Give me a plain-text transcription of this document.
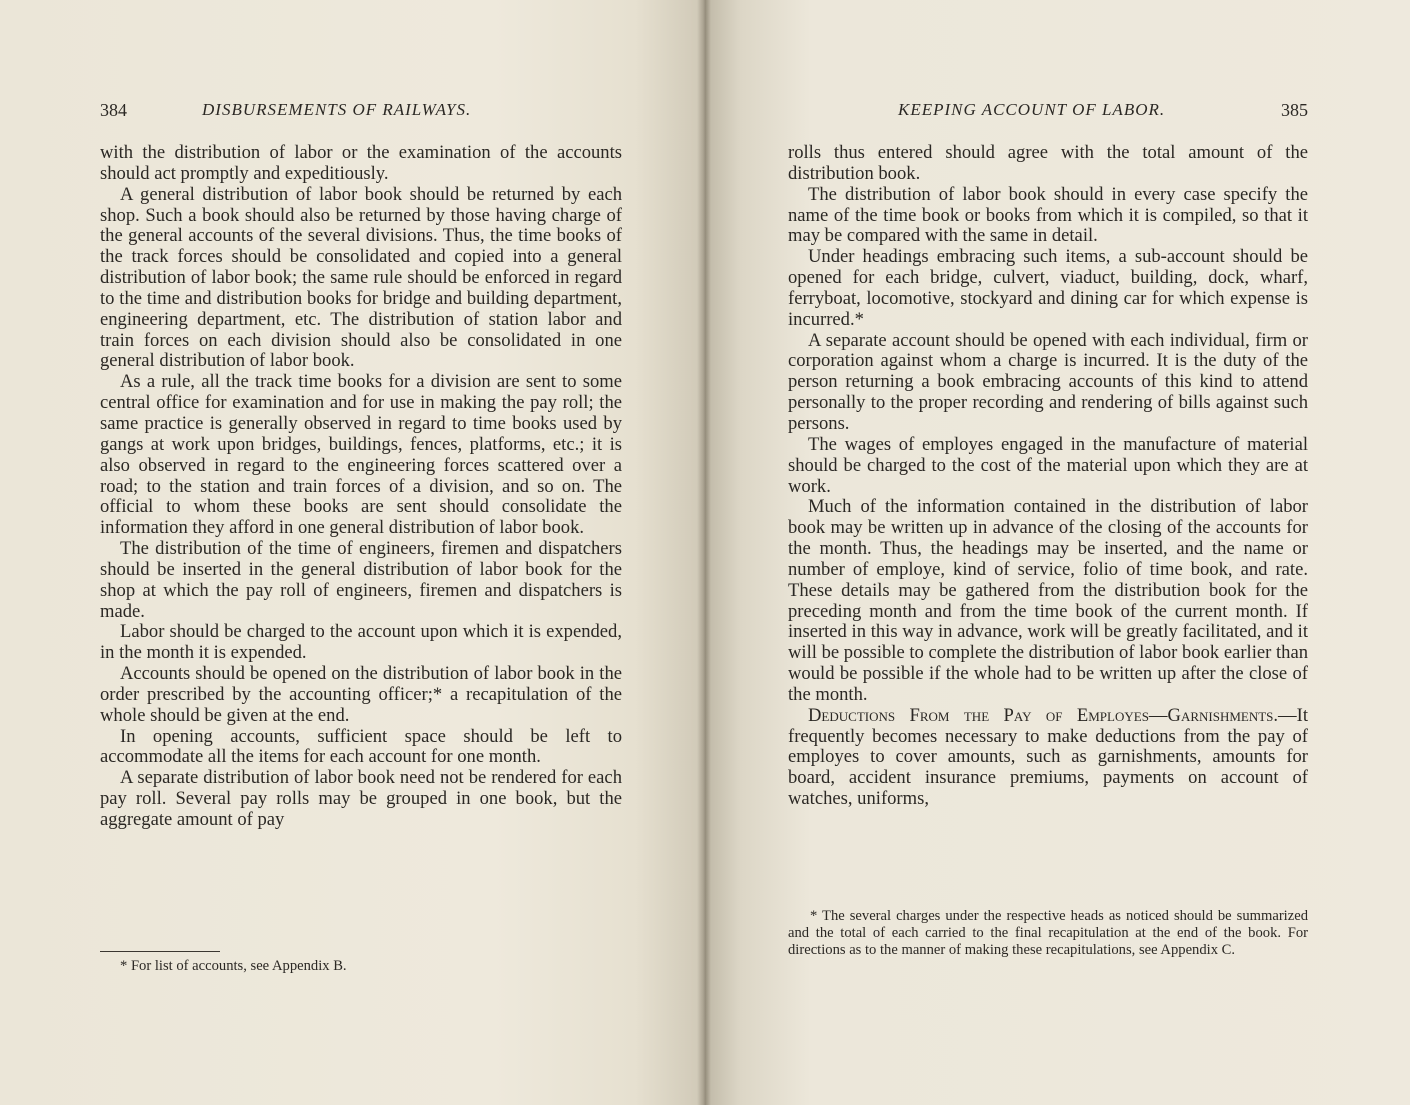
384	DISBURSEMENTS OF RAILWAYS.

with the distribution of labor or the examination of the accounts should act promptly and expeditiously.

A general distribution of labor book should be returned by each shop. Such a book should also be returned by those having charge of the general accounts of the several divisions. Thus, the time books of the track forces should be consolidated and copied into a general distribution of labor book; the same rule should be enforced in regard to the time and distribution books for bridge and building department, engineering department, etc. The distribution of station labor and train forces on each division should also be consolidated in one general distribution of labor book.

As a rule, all the track time books for a division are sent to some central office for examination and for use in making the pay roll; the same practice is generally observed in regard to time books used by gangs at work upon bridges, buildings, fences, platforms, etc.; it is also observed in regard to the engineering forces scattered over a road; to the station and train forces of a division, and so on. The official to whom these books are sent should consolidate the information they afford in one general distribution of labor book.

The distribution of the time of engineers, firemen and dispatchers should be inserted in the general distribution of labor book for the shop at which the pay roll of engineers, firemen and dispatchers is made.

Labor should be charged to the account upon which it is expended, in the month it is expended.

Accounts should be opened on the distribution of labor book in the order prescribed by the accounting officer;* a recapitulation of the whole should be given at the end.

In opening accounts, sufficient space should be left to accommodate all the items for each account for one month.

A separate distribution of labor book need not be rendered for each pay roll. Several pay rolls may be grouped in one book, but the aggregate amount of pay

* For list of accounts, see Appendix B.
KEEPING ACCOUNT OF LABOR.	385

rolls thus entered should agree with the total amount of the distribution book.

The distribution of labor book should in every case specify the name of the time book or books from which it is compiled, so that it may be compared with the same in detail.

Under headings embracing such items, a sub-account should be opened for each bridge, culvert, viaduct, building, dock, wharf, ferryboat, locomotive, stockyard and dining car for which expense is incurred.*

A separate account should be opened with each individual, firm or corporation against whom a charge is incurred. It is the duty of the person returning a book embracing accounts of this kind to attend personally to the proper recording and rendering of bills against such persons.

The wages of employes engaged in the manufacture of material should be charged to the cost of the material upon which they are at work.

Much of the information contained in the distribution of labor book may be written up in advance of the closing of the accounts for the month. Thus, the headings may be inserted, and the name or number of employe, kind of service, folio of time book, and rate. These details may be gathered from the distribution book for the preceding month and from the time book of the current month. If inserted in this way in advance, work will be greatly facilitated, and it will be possible to complete the distribution of labor book earlier than would be possible if the whole had to be written up after the close of the month.

Deductions From the Pay of Employes—Garnishments.—It frequently becomes necessary to make deductions from the pay of employes to cover amounts, such as garnishments, amounts for board, accident insurance premiums, payments on account of watches, uniforms,

* The several charges under the respective heads as noticed should be summarized and the total of each carried to the final recapitulation at the end of the book. For directions as to the manner of making these recapitulations, see Appendix C.
